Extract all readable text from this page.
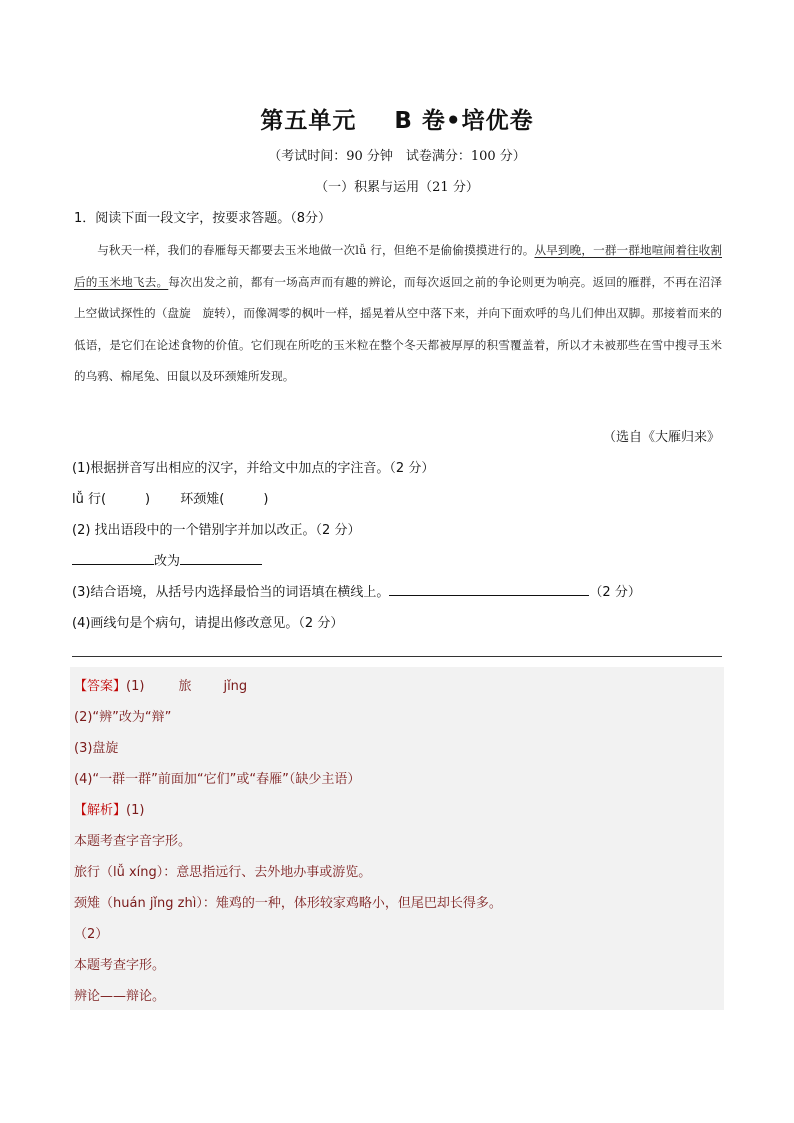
第五单元 B 卷•培优卷
（考试时间：90 分钟　试卷满分：100 分）
（一）积累与运用（21 分）
1．阅读下面一段文字，按要求答题。（8分）
与秋天一样，我们的春雁每天都要去玉米地做一次lǚ 行，但绝不是偷偷摸摸进行的。从早到晚，一群一群地喧闹着往收割后的玉米地飞去。每次出发之前，都有一场高声而有趣的辨论，而每次返回之前的争论则更为响亮。返回的雁群，不再在沼泽上空做试探性的（盘旋　旋转），而像凋零的枫叶一样，摇晃着从空中落下来，并向下面欢呼的鸟儿们伸出双脚。那接着而来的低语，是它们在论述食物的价值。它们现在所吃的玉米粒在整个冬天都被厚厚的积雪覆盖着，所以才未被那些在雪中搜寻玉米的乌鸦、棉尾兔、田鼠以及环颈雉所发现。
（选自《大雁归来》
(1)根据拼音写出相应的汉字，并给文中加点的字注音。（2 分）
lǚ 行(　　　)　　 环颈雉(　　　)
(2) 找出语段中的一个错别字并加以改正。（2 分）
改为
(3)结合语境，从括号内选择最恰当的词语填在横线上。	（2 分）
(4)画线句是个病句，请提出修改意见。（2 分）
【答案】(1)	旅 jǐng
(2)“辨”改为“辩”
(3)盘旋
(4)“一群一群”前面加“它们”或“春雁”（缺少主语）
【解析】(1)
本题考查字音字形。
旅行（lǚ xíng）：意思指远行、去外地办事或游览。
颈雉（huán jǐng zhì）：雉鸡的一种，体形较家鸡略小，但尾巴却长得多。
（2）
本题考查字形。
辨论——辩论。
